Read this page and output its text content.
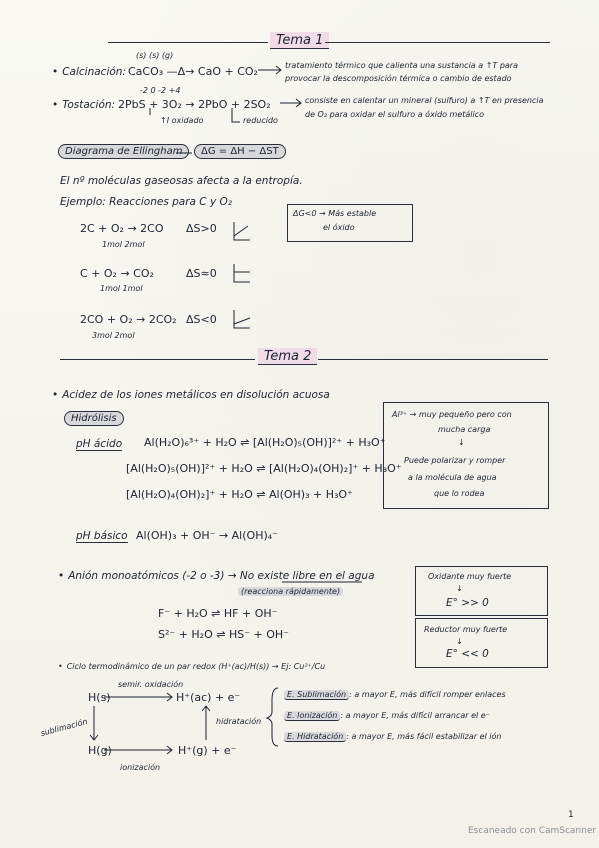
Tema 1
(s) (s) (g)
• Calcinación: CaCO₃ —Δ→ CaO + CO₂	tratamiento térmico que calienta una sustancia a ↑T para
provocar la descomposición térmica o cambio de estado
-2 0 -2 +4
• Tostación: 2PbS + 3O₂ → 2PbO + 2SO₂
↑I oxidado	reducido
consiste en calentar un mineral (sulfuro) a ↑T en presencia
de O₂ para oxidar el sulfuro a óxido metálico
Diagrama de Ellingham	ΔG = ΔH − ΔST
El nº moléculas gaseosas afecta a la entropía.
Ejemplo: Reacciones para C y O₂
ΔG<0 → Más estable
el óxido
2C + O₂ → 2CO
1mol 2mol
ΔS>0
C + O₂ → CO₂
1mol 1mol
ΔS≈0
2CO + O₂ → 2CO₂
3mol 2mol
ΔS<0
Tema 2
• Acidez de los iones metálicos en disolución acuosa
Hidrólisis
pH ácido Al(H₂O)₆³⁺ + H₂O ⇌ [Al(H₂O)₅(OH)]²⁺ + H₃O⁺
[Al(H₂O)₅(OH)]²⁺ + H₂O ⇌ [Al(H₂O)₄(OH)₂]⁺ + H₃O⁺
[Al(H₂O)₄(OH)₂]⁺ + H₂O ⇌ Al(OH)₃ + H₃O⁺
Al³⁺ → muy pequeño pero con
mucha carga
↓
Puede polarizar y romper
a la molécula de agua
que lo rodea
pH básico Al(OH)₃ + OH⁻ → Al(OH)₄⁻
• Anión monoatómicos (-2 o -3) → No existe libre en el agua
(reacciona rápidamente)
F⁻ + H₂O ⇌ HF + OH⁻
S²⁻ + H₂O ⇌ HS⁻ + OH⁻
Oxidante muy fuerte
↓
E° >> 0
Reductor muy fuerte
↓
E° << 0
• Ciclo termodinámico de un par redox (H⁺(ac)/H(s)) → Ej: Cu²⁺/Cu
semir. oxidación
H(s)	H⁺(ac) + e⁻
sublimación	hidratación
H(g)	H⁺(g) + e⁻
ionización
E. Sublimación : a mayor E, más difícil romper enlaces
E. Ionización : a mayor E, más difícil arrancar el e⁻
E. Hidratación : a mayor E, más fácil estabilizar el ión
1
Escaneado con CamScanner
